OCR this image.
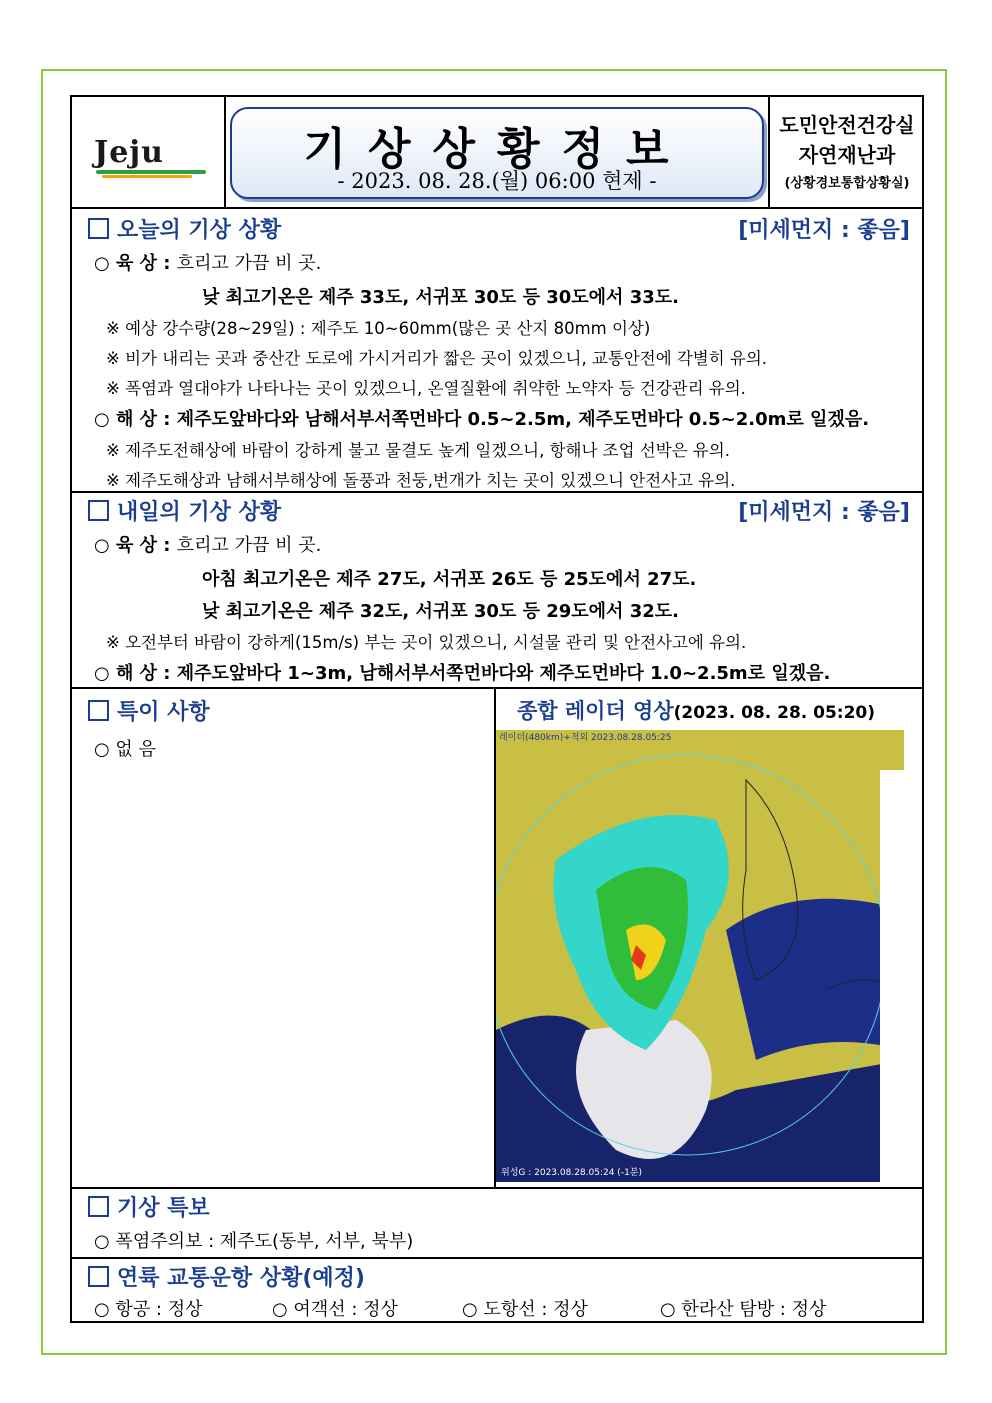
Jeju	기상상황정보
- 2023. 08. 28.(월) 06:00 현제 -
도민안전건강실
자연재난과
(상황경보통합상황실)
오늘의 기상 상황	[미세먼지 : 좋음]
○ 육 상 : 흐리고 가끔 비 곳.
낮 최고기온은 제주 33도, 서귀포 30도 등 30도에서 33도.
※ 예상 강수량(28~29일) : 제주도 10~60mm(많은 곳 산지 80mm 이상)
※ 비가 내리는 곳과 중산간 도로에 가시거리가 짧은 곳이 있겠으니, 교통안전에 각별히 유의.
※ 폭염과 열대야가 나타나는 곳이 있겠으니, 온열질환에 취약한 노약자 등 건강관리 유의.
○ 해 상 : 제주도앞바다와 남해서부서쪽먼바다 0.5~2.5m, 제주도먼바다 0.5~2.0m로 일겠음.
※ 제주도전해상에 바람이 강하게 불고 물결도 높게 일겠으니, 항해나 조업 선박은 유의.
※ 제주도해상과 남해서부해상에 돌풍과 천둥,번개가 치는 곳이 있겠으니 안전사고 유의.
내일의 기상 상황	[미세먼지 : 좋음]
○ 육 상 : 흐리고 가끔 비 곳.
아침 최고기온은 제주 27도, 서귀포 26도 등 25도에서 27도.
낮 최고기온은 제주 32도, 서귀포 30도 등 29도에서 32도.
※ 오전부터 바람이 강하게(15m/s) 부는 곳이 있겠으니, 시설물 관리 및 안전사고에 유의.
○ 해 상 : 제주도앞바다 1~3m, 남해서부서쪽먼바다와 제주도먼바다 1.0~2.5m로 일겠음.
특이 사항
○ 없 음
종합 레이더 영상(2023. 08. 28. 05:20)
레이더(480km)+적외 2023.08.28.05:25
위성G : 2023.08.28.05:24 (-1분)
기상 특보
○ 폭염주의보 : 제주도(동부, 서부, 북부)
연륙 교통운항 상황(예정)
○ 항공 : 정상	○ 여객선 : 정상	○ 도항선 : 정상	○ 한라산 탐방 : 정상
